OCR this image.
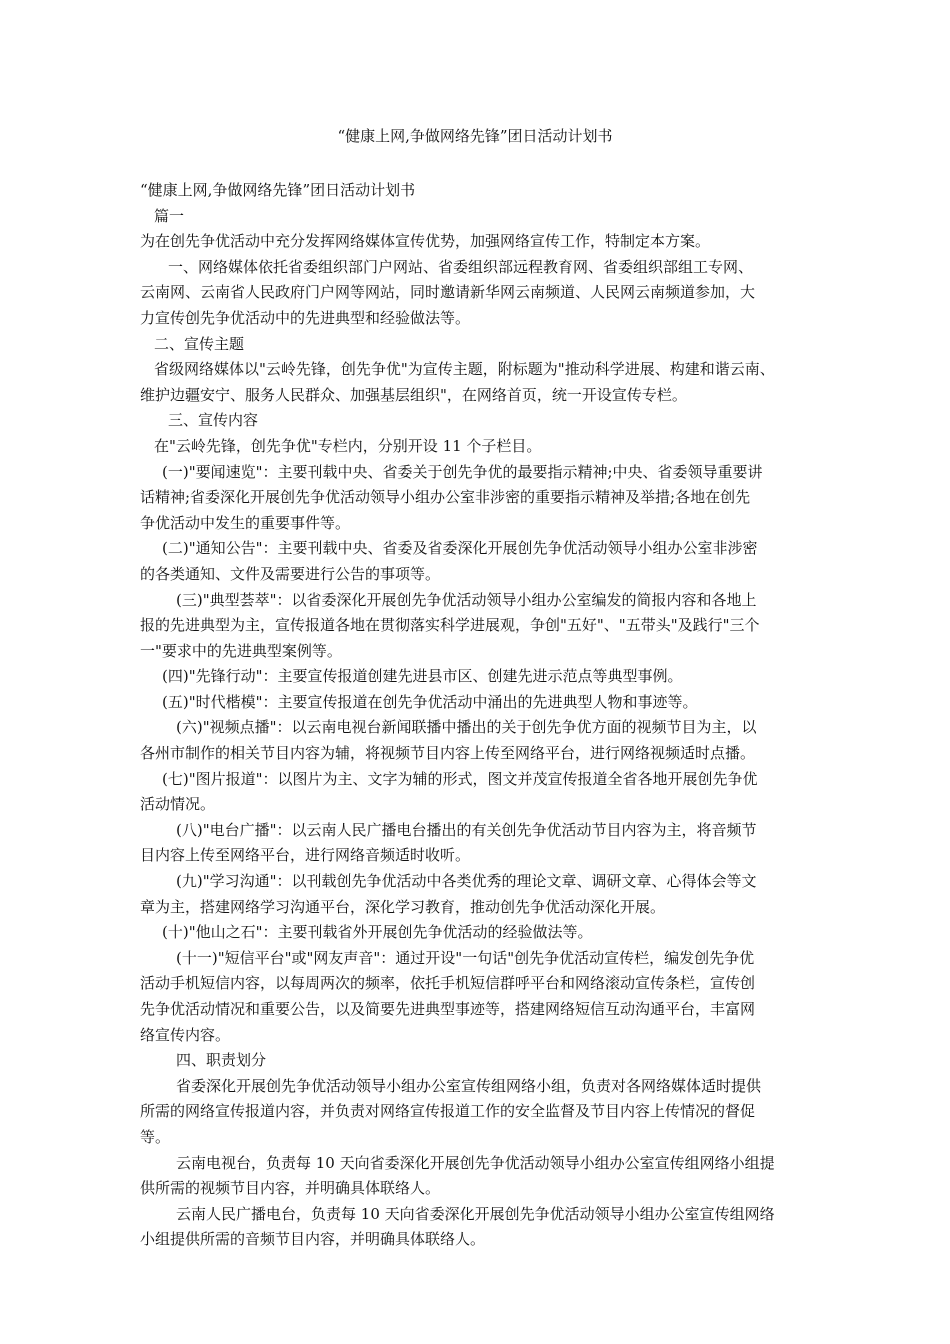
“健康上网,争做网络先锋”团日活动计划书

“健康上网,争做网络先锋”团日活动计划书

篇一

为在创先争优活动中充分发挥网络媒体宣传优势，加强网络宣传工作，特制定本方案。

一、网络媒体依托省委组织部门户网站、省委组织部远程教育网、省委组织部组工专网、

云南网、云南省人民政府门户网等网站，同时邀请新华网云南频道、人民网云南频道参加，大

力宣传创先争优活动中的先进典型和经验做法等。

二、宣传主题

省级网络媒体以"云岭先锋，创先争优"为宣传主题，附标题为"推动科学进展、构建和谐云南、

维护边疆安宁、服务人民群众、加强基层组织"，在网络首页，统一开设宣传专栏。

三、宣传内容

在"云岭先锋，创先争优"专栏内，分别开设 11 个子栏目。

(一)"要闻速览"：主要刊载中央、省委关于创先争优的最要指示精神;中央、省委领导重要讲

话精神;省委深化开展创先争优活动领导小组办公室非涉密的重要指示精神及举措;各地在创先

争优活动中发生的重要事件等。

(二)"通知公告"：主要刊载中央、省委及省委深化开展创先争优活动领导小组办公室非涉密

的各类通知、文件及需要进行公告的事项等。

(三)"典型荟萃"：以省委深化开展创先争优活动领导小组办公室编发的简报内容和各地上

报的先进典型为主，宣传报道各地在贯彻落实科学进展观，争创"五好"、"五带头"及践行"三个

一"要求中的先进典型案例等。

(四)"先锋行动"：主要宣传报道创建先进县市区、创建先进示范点等典型事例。

(五)"时代楷模"：主要宣传报道在创先争优活动中涌出的先进典型人物和事迹等。

(六)"视频点播"：以云南电视台新闻联播中播出的关于创先争优方面的视频节目为主，以

各州市制作的相关节目内容为辅，将视频节目内容上传至网络平台，进行网络视频适时点播。

(七)"图片报道"：以图片为主、文字为辅的形式，图文并茂宣传报道全省各地开展创先争优

活动情况。

(八)"电台广播"：以云南人民广播电台播出的有关创先争优活动节目内容为主，将音频节

目内容上传至网络平台，进行网络音频适时收听。

(九)"学习沟通"：以刊载创先争优活动中各类优秀的理论文章、调研文章、心得体会等文

章为主，搭建网络学习沟通平台，深化学习教育，推动创先争优活动深化开展。

(十)"他山之石"：主要刊载省外开展创先争优活动的经验做法等。

(十一)"短信平台"或"网友声音"：通过开设"一句话"创先争优活动宣传栏，编发创先争优

活动手机短信内容，以每周两次的频率，依托手机短信群呼平台和网络滚动宣传条栏，宣传创

先争优活动情况和重要公告，以及简要先进典型事迹等，搭建网络短信互动沟通平台，丰富网

络宣传内容。

四、职责划分

省委深化开展创先争优活动领导小组办公室宣传组网络小组，负责对各网络媒体适时提供

所需的网络宣传报道内容，并负责对网络宣传报道工作的安全监督及节目内容上传情况的督促

等。

云南电视台，负责每 10 天向省委深化开展创先争优活动领导小组办公室宣传组网络小组提

供所需的视频节目内容，并明确具体联络人。

云南人民广播电台，负责每 10 天向省委深化开展创先争优活动领导小组办公室宣传组网络

小组提供所需的音频节目内容，并明确具体联络人。
